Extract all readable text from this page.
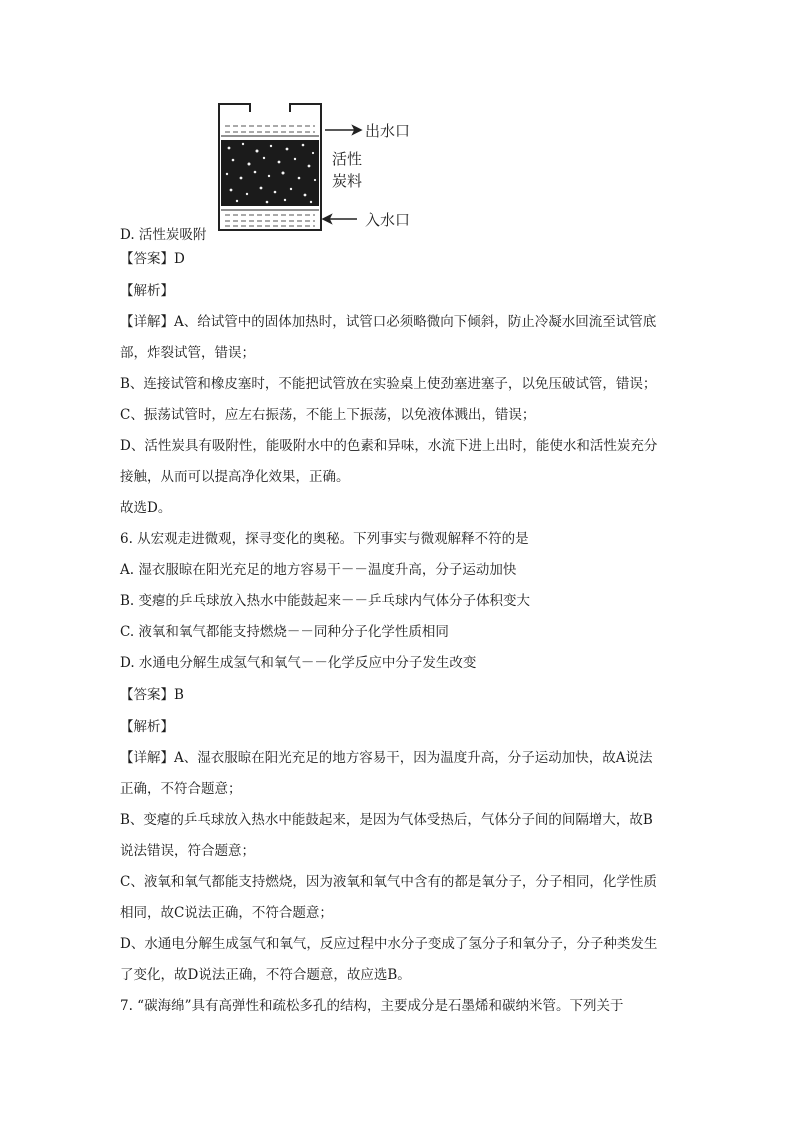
出水口
活性
炭料
入水口
D. 活性炭吸附
【答案】D
【解析】
【详解】A、给试管中的固体加热时，试管口必须略微向下倾斜，防止冷凝水回流至试管底
部，炸裂试管，错误；
B、连接试管和橡皮塞时，不能把试管放在实验桌上使劲塞进塞子，以免压破试管，错误；
C、振荡试管时，应左右振荡，不能上下振荡，以免液体溅出，错误；
D、活性炭具有吸附性，能吸附水中的色素和异味，水流下进上出时，能使水和活性炭充分
接触，从而可以提高净化效果，正确。
故选D。
6. 从宏观走进微观，探寻变化的奥秘。下列事实与微观解释不符的是
A. 湿衣服晾在阳光充足的地方容易干－－温度升高，分子运动加快
B. 变瘪的乒乓球放入热水中能鼓起来－－乒乓球内气体分子体积变大
C. 液氧和氧气都能支持燃烧－－同种分子化学性质相同
D. 水通电分解生成氢气和氧气－－化学反应中分子发生改变
【答案】B
【解析】
【详解】A、湿衣服晾在阳光充足的地方容易干，因为温度升高，分子运动加快，故A说法
正确，不符合题意；
B、变瘪的乒乓球放入热水中能鼓起来，是因为气体受热后，气体分子间的间隔增大，故B
说法错误，符合题意；
C、液氧和氧气都能支持燃烧，因为液氧和氧气中含有的都是氧分子，分子相同，化学性质
相同，故C说法正确，不符合题意；
D、水通电分解生成氢气和氧气，反应过程中水分子变成了氢分子和氧分子，分子种类发生
了变化，故D说法正确，不符合题意，故应选B。
7. “碳海绵”具有高弹性和疏松多孔的结构，主要成分是石墨烯和碳纳米管。下列关于
